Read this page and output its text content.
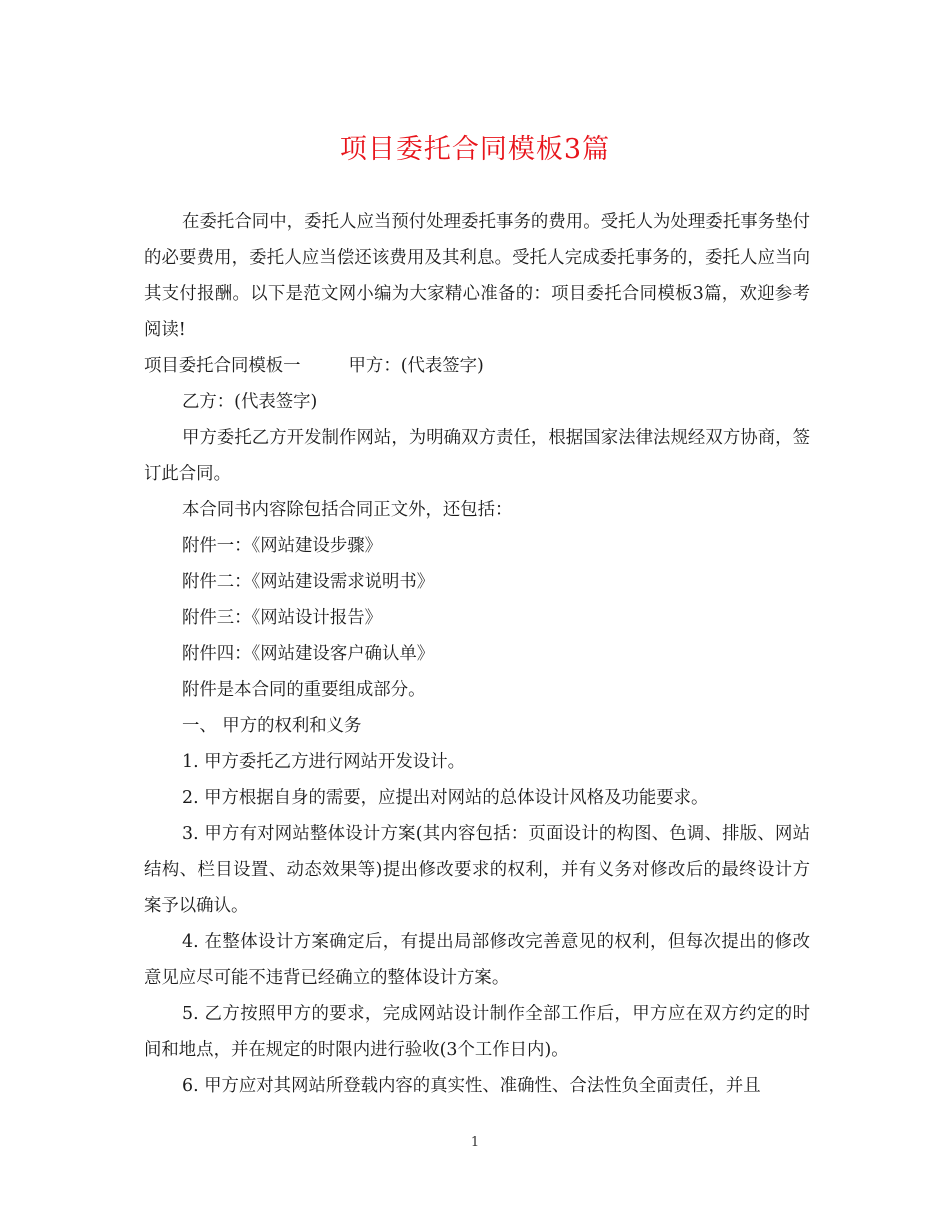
项目委托合同模板3篇

在委托合同中，委托人应当预付处理委托事务的费用。受托人为处理委托事务垫付的必要费用，委托人应当偿还该费用及其利息。受托人完成委托事务的，委托人应当向其支付报酬。以下是范文网小编为大家精心准备的：项目委托合同模板3篇，欢迎参考阅读!

项目委托合同模板一	甲方：(代表签字)

乙方：(代表签字)

甲方委托乙方开发制作网站，为明确双方责任，根据国家法律法规经双方协商，签订此合同。

本合同书内容除包括合同正文外，还包括：

附件一：《网站建设步骤》

附件二：《网站建设需求说明书》

附件三：《网站设计报告》

附件四：《网站建设客户确认单》

附件是本合同的重要组成部分。

一、 甲方的权利和义务

1. 甲方委托乙方进行网站开发设计。

2. 甲方根据自身的需要，应提出对网站的总体设计风格及功能要求。

3. 甲方有对网站整体设计方案(其内容包括：页面设计的构图、色调、排版、网站结构、栏目设置、动态效果等)提出修改要求的权利，并有义务对修改后的最终设计方案予以确认。

4. 在整体设计方案确定后，有提出局部修改完善意见的权利，但每次提出的修改意见应尽可能不违背已经确立的整体设计方案。

5. 乙方按照甲方的要求，完成网站设计制作全部工作后，甲方应在双方约定的时间和地点，并在规定的时限内进行验收(3个工作日内)。

6. 甲方应对其网站所登载内容的真实性、准确性、合法性负全面责任，并且

1
